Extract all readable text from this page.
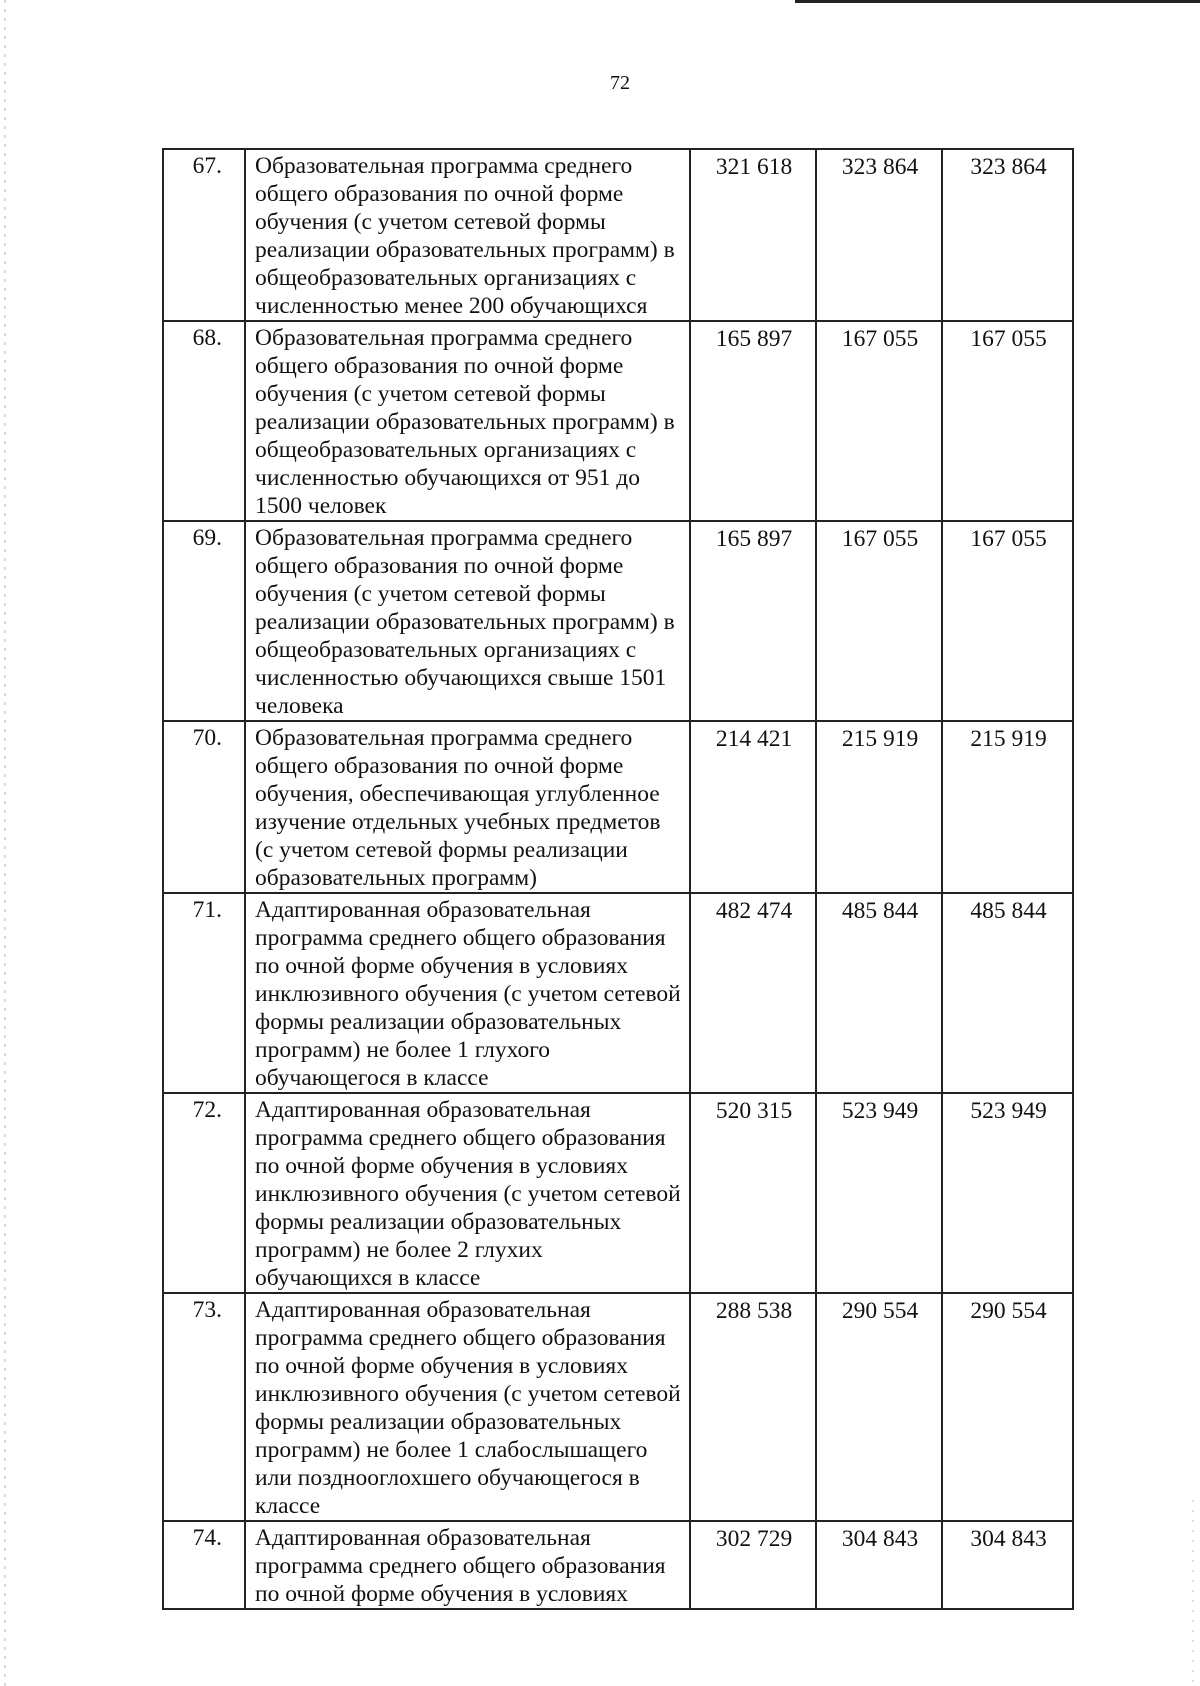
72
67.	Образовательная программа среднего общего образования по очной форме обучения (с учетом сетевой формы реализации образовательных программ) в общеобразовательных организациях с численностью менее 200 обучающихся	321 618	323 864	323 864
68.	Образовательная программа среднего общего образования по очной форме обучения (с учетом сетевой формы реализации образовательных программ) в общеобразовательных организациях с численностью обучающихся от 951 до 1500 человек	165 897	167 055	167 055
69.	Образовательная программа среднего общего образования по очной форме обучения (с учетом сетевой формы реализации образовательных программ) в общеобразовательных организациях с численностью обучающихся свыше 1501 человека	165 897	167 055	167 055
70.	Образовательная программа среднего общего образования по очной форме обучения, обеспечивающая углубленное изучение отдельных учебных предметов (с учетом сетевой формы реализации образовательных программ)	214 421	215 919	215 919
71.	Адаптированная образовательная программа среднего общего образования по очной форме обучения в условиях инклюзивного обучения (с учетом сетевой формы реализации образовательных программ) не более 1 глухого обучающегося в классе	482 474	485 844	485 844
72.	Адаптированная образовательная программа среднего общего образования по очной форме обучения в условиях инклюзивного обучения (с учетом сетевой формы реализации образовательных программ) не более 2 глухих обучающихся в классе	520 315	523 949	523 949
73.	Адаптированная образовательная программа среднего общего образования по очной форме обучения в условиях инклюзивного обучения (с учетом сетевой формы реализации образовательных программ) не более 1 слабослышащего или позднооглохшего обучающегося в классе	288 538	290 554	290 554
74.	Адаптированная образовательная программа среднего общего образования по очной форме обучения в условиях	302 729	304 843	304 843
